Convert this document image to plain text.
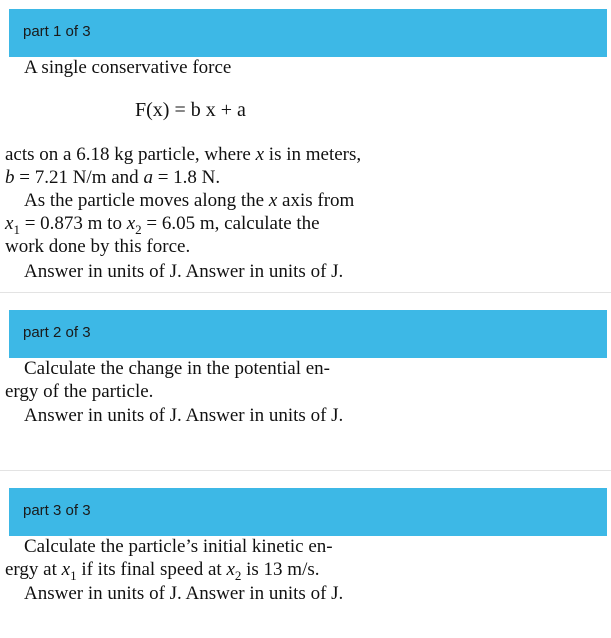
part 1 of 3
A single conservative force
F(x) = b x + a
acts on a 6.18 kg particle, where x is in meters,
b = 7.21 N/m and a = 1.8 N.
As the particle moves along the x axis from
$x_1 = 0.873$ m to $x_2 = 6.05$ m, calculate the
work done by this force.
Answer in units of J. Answer in units of J.
part 2 of 3
Calculate the change in the potential en-
ergy of the particle.
Answer in units of J. Answer in units of J.
part 3 of 3
Calculate the particle’s initial kinetic en-
ergy at $x_1$ if its final speed at $x_2$ is 13 m/s.
Answer in units of J. Answer in units of J.
